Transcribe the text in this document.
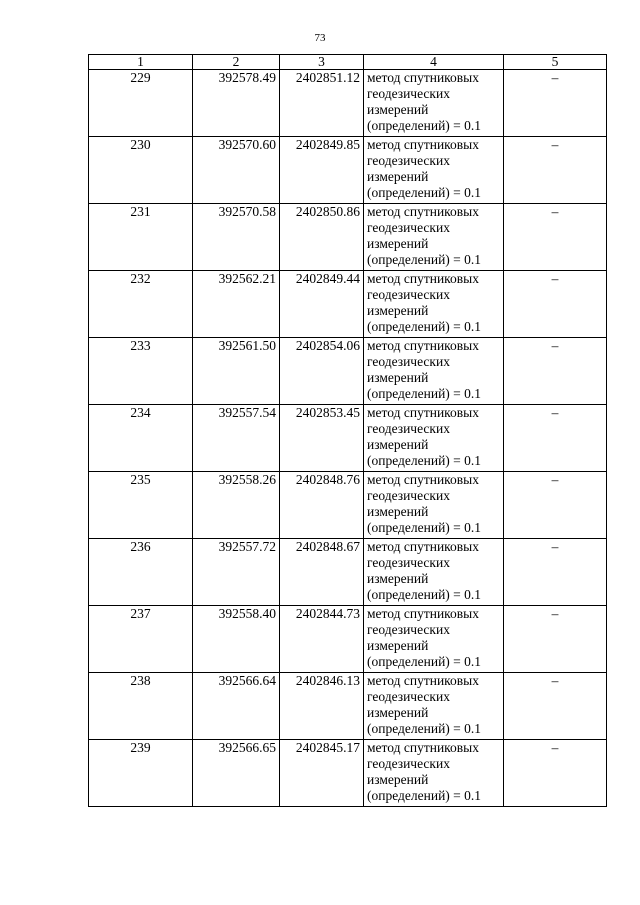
73
1	2	3	4	5
229	392578.49	2402851.12	метод спутниковых
геодезических
измерений
(определений) = 0.1	–
230	392570.60	2402849.85	метод спутниковых
геодезических
измерений
(определений) = 0.1	–
231	392570.58	2402850.86	метод спутниковых
геодезических
измерений
(определений) = 0.1	–
232	392562.21	2402849.44	метод спутниковых
геодезических
измерений
(определений) = 0.1	–
233	392561.50	2402854.06	метод спутниковых
геодезических
измерений
(определений) = 0.1	–
234	392557.54	2402853.45	метод спутниковых
геодезических
измерений
(определений) = 0.1	–
235	392558.26	2402848.76	метод спутниковых
геодезических
измерений
(определений) = 0.1	–
236	392557.72	2402848.67	метод спутниковых
геодезических
измерений
(определений) = 0.1	–
237	392558.40	2402844.73	метод спутниковых
геодезических
измерений
(определений) = 0.1	–
238	392566.64	2402846.13	метод спутниковых
геодезических
измерений
(определений) = 0.1	–
239	392566.65	2402845.17	метод спутниковых
геодезических
измерений
(определений) = 0.1	–
